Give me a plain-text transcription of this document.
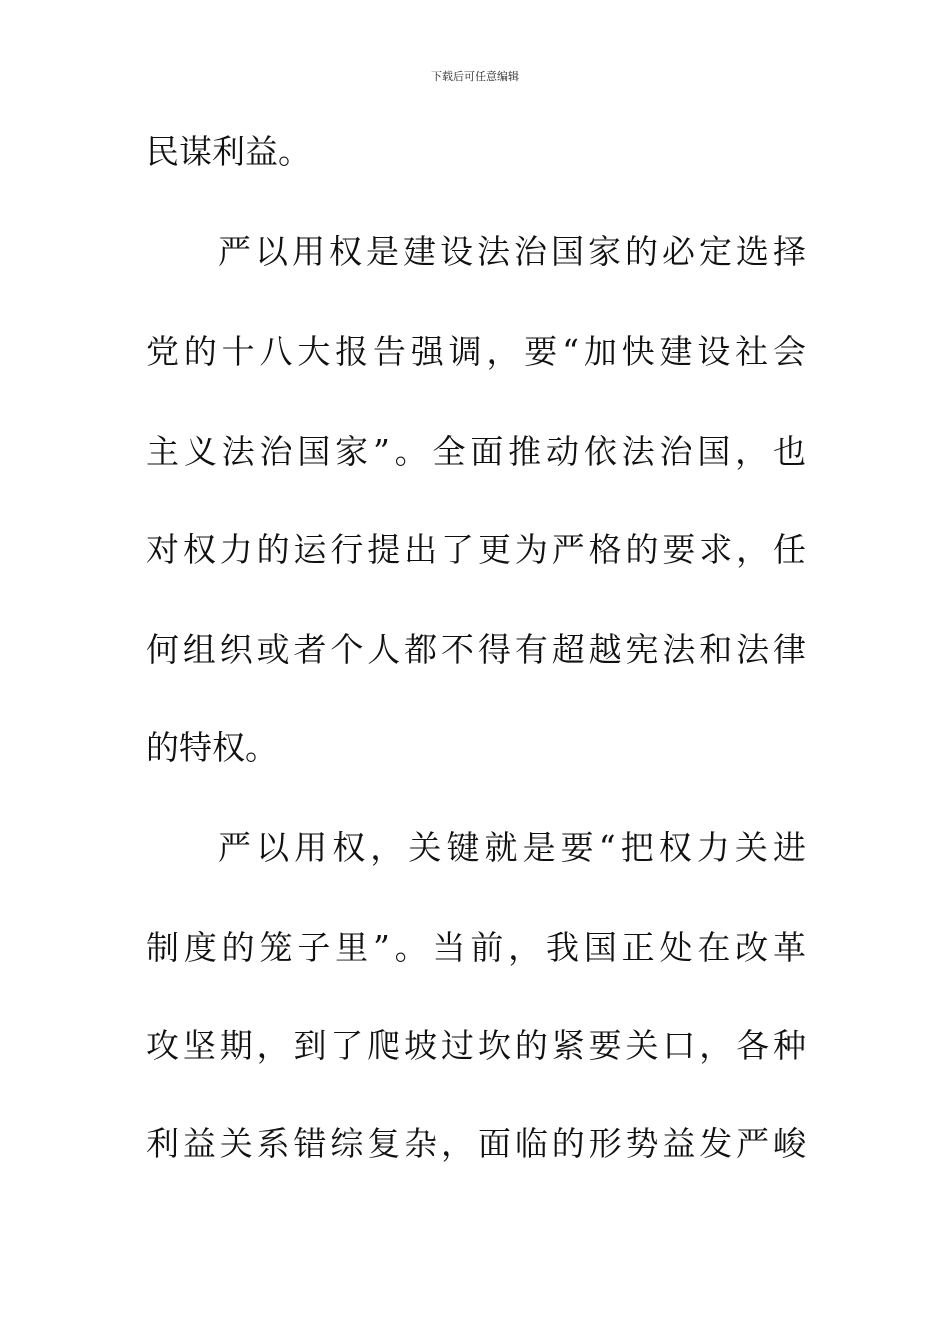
下载后可任意编辑
民谋利益。
严以用权是建设法治国家的必定选择
党的十八大报告强调，要“加快建设社会
主义法治国家”。全面推动依法治国，也
对权力的运行提出了更为严格的要求，任
何组织或者个人都不得有超越宪法和法律
的特权。
严以用权，关键就是要“把权力关进
制度的笼子里”。当前，我国正处在改革
攻坚期，到了爬坡过坎的紧要关口，各种
利益关系错综复杂，面临的形势益发严峻
